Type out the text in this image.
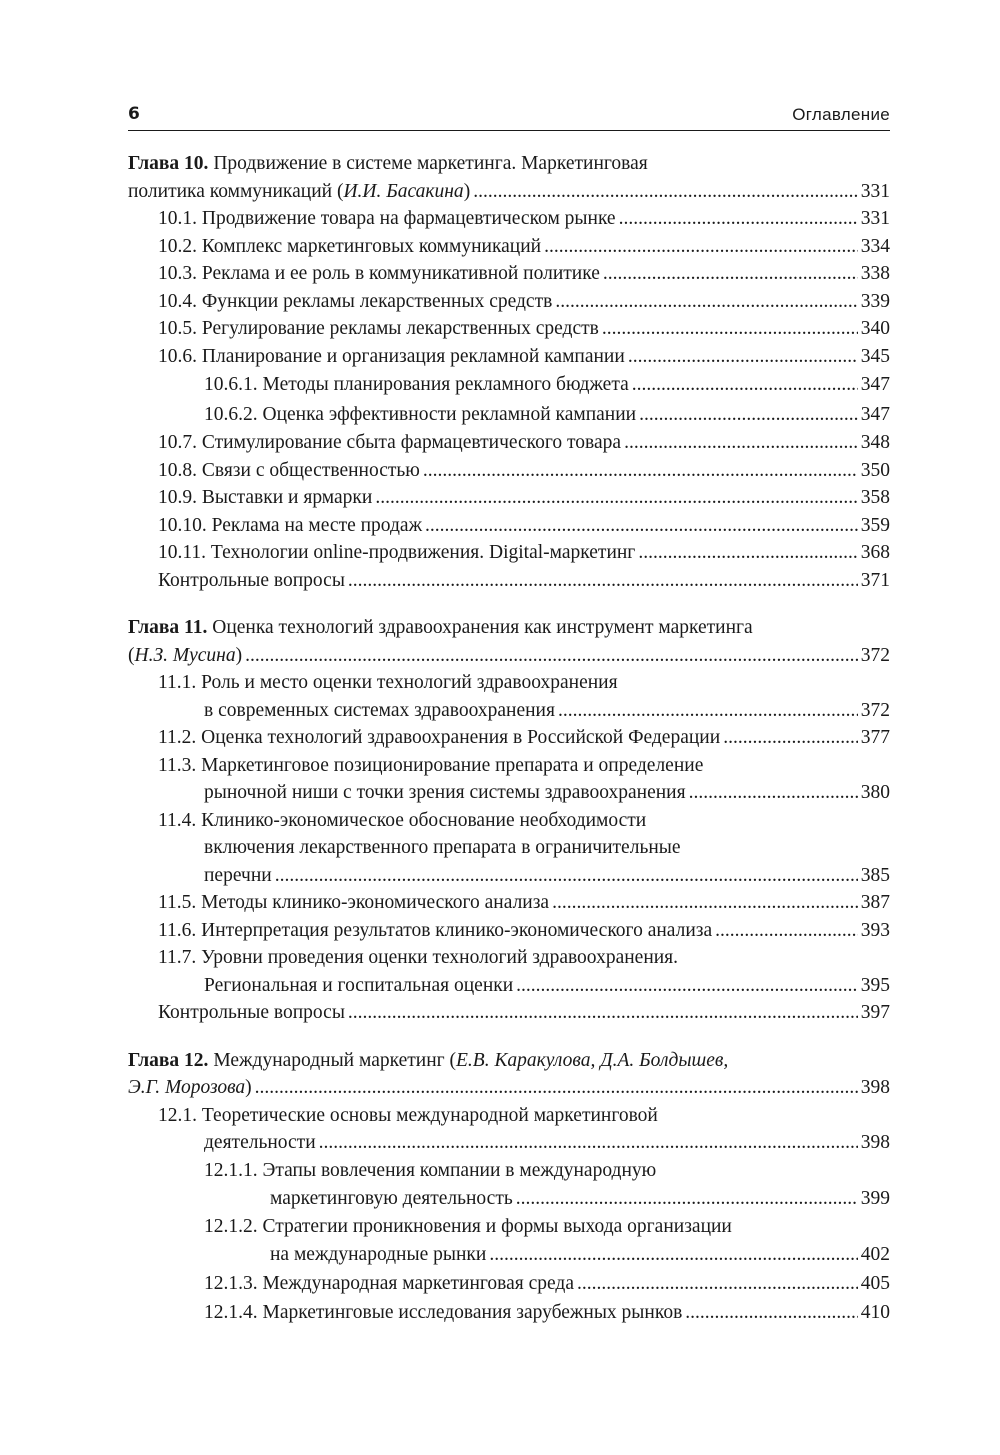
6	Оглавление
Глава 10. Продвижение в системе маркетинга. Маркетинговая
политика коммуникаций (И.И. Басакина) .....	331
10.1. Продвижение товара на фармацевтическом рынке .....	331
10.2. Комплекс маркетинговых коммуникаций .....	334
10.3. Реклама и ее роль в коммуникативной политике .....	338
10.4. Функции рекламы лекарственных средств .....	339
10.5. Регулирование рекламы лекарственных средств .....	340
10.6. Планирование и организация рекламной кампании .....	345
10.6.1. Методы планирования рекламного бюджета .....	347
10.6.2. Оценка эффективности рекламной кампании .....	347
10.7. Стимулирование сбыта фармацевтического товара .....	348
10.8. Связи с общественностью .....	350
10.9. Выставки и ярмарки .....	358
10.10. Реклама на месте продаж .....	359
10.11. Технологии online-продвижения. Digital-маркетинг .....	368
Контрольные вопросы .....	371
Глава 11. Оценка технологий здравоохранения как инструмент маркетинга
(Н.З. Мусина) .....	372
11.1. Роль и место оценки технологий здравоохранения
в современных системах здравоохранения .....	372
11.2. Оценка технологий здравоохранения в Российской Федерации .....	377
11.3. Маркетинговое позиционирование препарата и определение
рыночной ниши с точки зрения системы здравоохранения .....	380
11.4. Клинико-экономическое обоснование необходимости
включения лекарственного препарата в ограничительные
перечни .....	385
11.5. Методы клинико-экономического анализа .....	387
11.6. Интерпретация результатов клинико-экономического анализа .....	393
11.7. Уровни проведения оценки технологий здравоохранения.
Региональная и госпитальная оценки .....	395
Контрольные вопросы .....	397
Глава 12. Международный маркетинг (Е.В. Каракулова, Д.А. Болдышев,
Э.Г. Морозова) .....	398
12.1. Теоретические основы международной маркетинговой
деятельности .....	398
12.1.1. Этапы вовлечения компании в международную
маркетинговую деятельность .....	399
12.1.2. Стратегии проникновения и формы выхода организации
на международные рынки .....	402
12.1.3. Международная маркетинговая среда .....	405
12.1.4. Маркетинговые исследования зарубежных рынков .....	410
